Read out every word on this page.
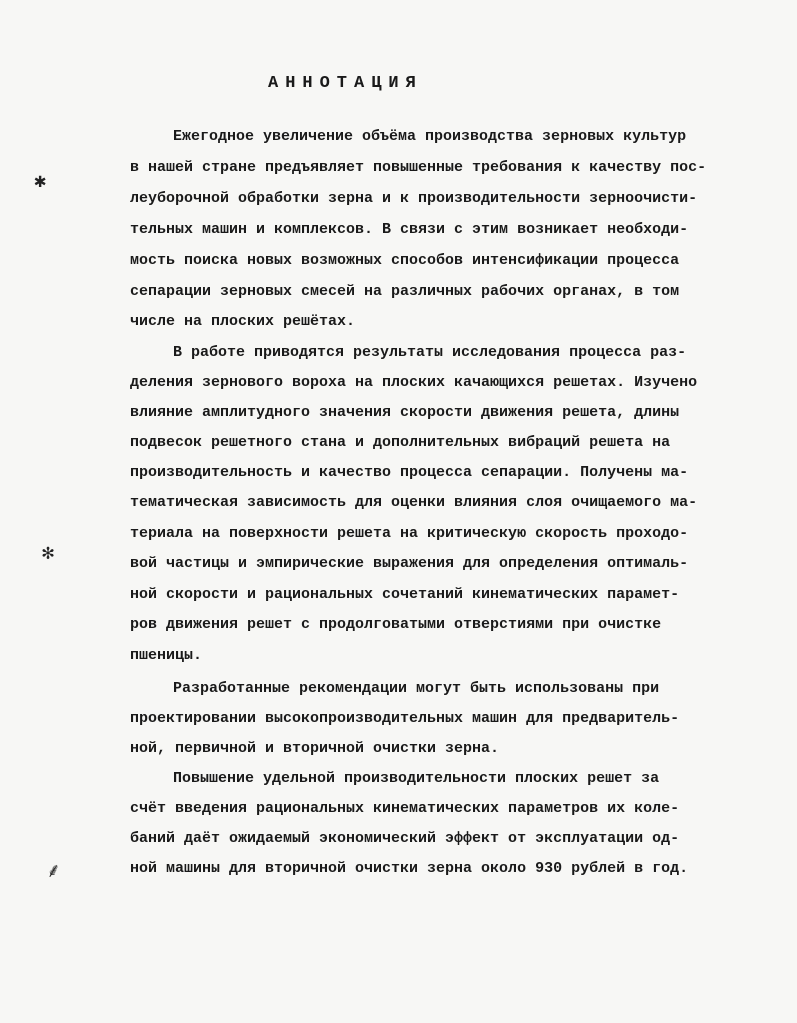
АННОТАЦИЯ
Ежегодное увеличение объёма производства зерновых культур
в нашей стране предъявляет повышенные требования к качеству пос-
леуборочной обработки зерна и к производительности зерноочисти-
тельных машин и комплексов. В связи с этим возникает необходи-
мость поиска новых возможных способов интенсификации процесса
сепарации зерновых смесей на различных рабочих органах, в том
числе на плоских решётах.
В работе приводятся результаты исследования процесса раз-
деления зернового вороха на плоских качающихся решетах. Изучено
влияние амплитудного значения скорости движения решета, длины
подвесок решетного стана и дополнительных вибраций решета на
производительность и качество процесса сепарации. Получены ма-
тематическая зависимость для оценки влияния слоя очищаемого ма-
териала на поверхности решета на критическую скорость проходо-
вой частицы и эмпирические выражения для определения оптималь-
ной скорости и рациональных сочетаний кинематических парамет-
ров движения решет с продолговатыми отверстиями при очистке
пшеницы.
Разработанные рекомендации могут быть использованы при
проектировании высокопроизводительных машин для предваритель-
ной, первичной и вторичной очистки зерна.
Повышение удельной производительности плоских решет за
счёт введения рациональных кинематических параметров их коле-
баний даёт ожидаемый экономический эффект от эксплуатации од-
ной машины для вторичной очистки зерна около 930 рублей в год.
✱
✻
⸙
